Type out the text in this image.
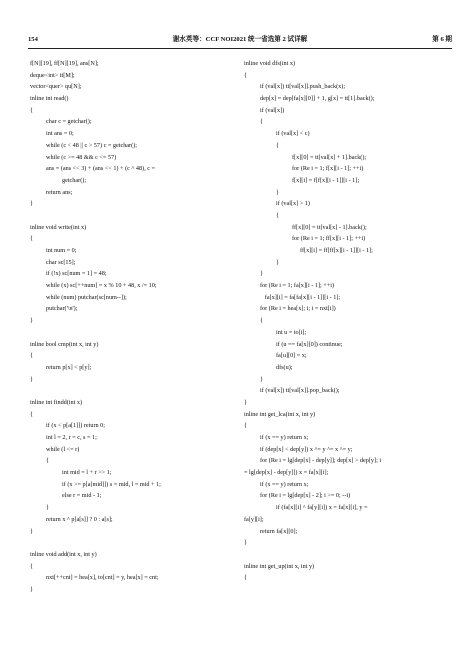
154	谢水英等：CCF NOI2021 统一省选第 2 试详解	第 6 期
f[N][19], ff[N][19], ans[N];
deque<int> tt[M];
vector<quer> qu[N];
inline int read()
{
char c = getchar();
int ans = 0;
while (c < 48 || c > 57) c = getchar();
while (c >= 48 && c <= 57)
ans = (ans << 3) + (ans << 1) + (c ^ 48), c =
getchar();
return ans;
}
inline void write(int x)
{
int num = 0;
char sc[15];
if (!x) sc[num = 1] = 48;
while (x) sc[++num] = x % 10 + 48, x /= 10;
while (num) putchar(sc[num--]);
putchar('\n');
}
inline bool cmp(int x, int y)
{
return p[x] < p[y];
}
inline int findd(int x)
{
if (x < p[a[1]]) return 0;
int l = 2, r = c, s = 1;
while (l <= r)
{
int mid = l + r >> 1;
if (x >= p[a[mid]]) s = mid, l = mid + 1;
else r = mid - 1;
}
return x ^ p[a[s]] ? 0 : a[s];
}
inline void add(int x, int y)
{
nxt[++cnt] = hea[x], to[cnt] = y, hea[x] = cnt;
}
inline void dfs(int x)
{
if (val[x]) tt[val[x]].push_back(x);
dep[x] = dep[fa[x][0]] + 1, g[x] = tt[1].back();
if (val[x])
{
if (val[x] < c)
{
f[x][0] = tt[val[x] + 1].back();
for (Re i = 1; f[x][i - 1]; ++i)
f[x][i] = f[f[x][i - 1]][i - 1];
}
if (val[x] > 1)
{
ff[x][0] = tt[val[x] - 1].back();
for (Re i = 1; ff[x][i - 1]; ++i)
ff[x][i] = ff[ff[x][i - 1]][i - 1];
}
}
for (Re i = 1; fa[x][i - 1]; ++i)
fa[x][i] = fa[fa[x][i - 1]][i - 1];
for (Re i = hea[x]; i; i = nxt[i])
{
int u = to[i];
if (u == fa[x][0]) continue;
fa[u][0] = x;
dfs(u);
}
if (val[x]) tt[val[x]].pop_back();
}
inline int get_lca(int x, int y)
{
if (x == y) return x;
if (dep[x] < dep[y]) x ^= y ^= x ^= y;
for (Re i = lg[dep[x] - dep[y]]; dep[x] > dep[y]; i
= lg[dep[x] - dep[y]]) x = fa[x][i];
if (x == y) return x;
for (Re i = lg[dep[x] - 2]; i >= 0; --i)
if (fa[x][i] ^ fa[y][i]) x = fa[x][i], y =
fa[y][i];
return fa[x][0];
}
inline int get_up(int x, int y)
{
